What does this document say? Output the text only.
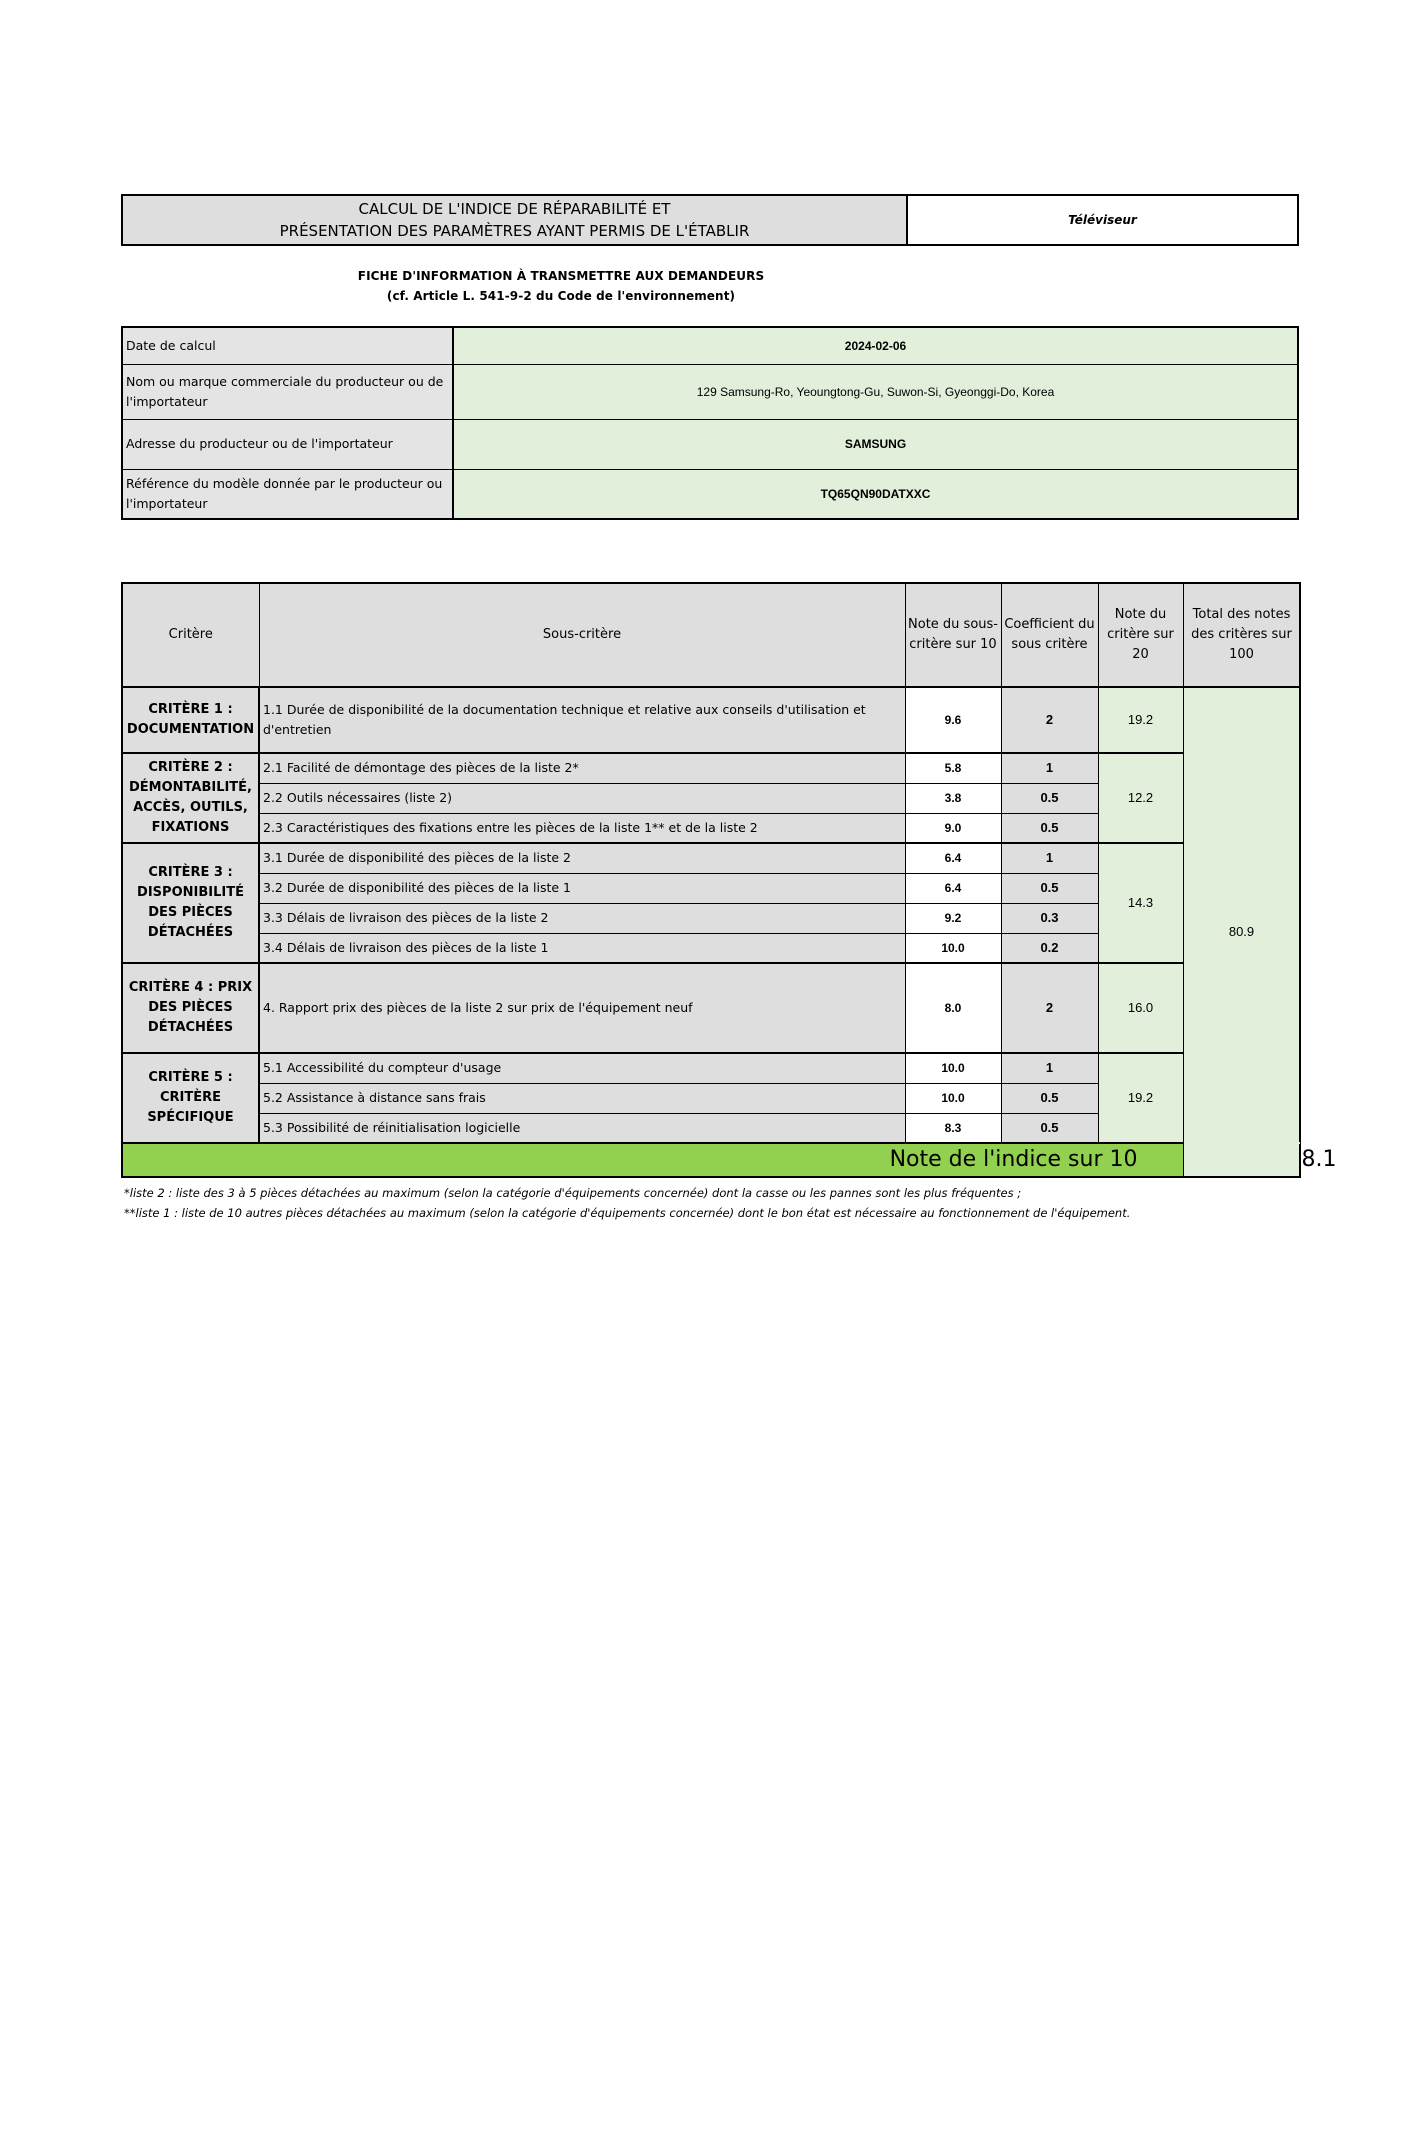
CALCUL DE L'INDICE DE RÉPARABILITÉ ET
PRÉSENTATION DES PARAMÈTRES AYANT PERMIS DE L'ÉTABLIR
Téléviseur
FICHE D'INFORMATION À TRANSMETTRE AUX DEMANDEURS
(cf. Article L. 541-9-2 du Code de l'environnement)
Date de calcul	2024-02-06
Nom ou marque commerciale du producteur ou de l'importateur	129 Samsung-Ro, Yeoungtong-Gu, Suwon-Si, Gyeonggi-Do, Korea
Adresse du producteur ou de l'importateur	SAMSUNG
Référence du modèle donnée par le producteur ou l'importateur	TQ65QN90DATXXC
Critère	Sous-critère	Note du sous-critère sur 10	Coefficient du sous critère	Note du critère sur 20	Total des notes des critères sur 100	
CRITÈRE 1 : DOCUMENTATION	1.1 Durée de disponibilité de la documentation technique et relative aux conseils d'utilisation et d'entretien	9.6	2	19.2	80.9	
CRITÈRE 2 : DÉMONTABILITÉ, ACCÈS, OUTILS, FIXATIONS	2.1 Facilité de démontage des pièces de la liste 2*	5.8	1	12.2		
	2.2 Outils nécessaires (liste 2)	3.8	0.5			
	2.3 Caractéristiques des fixations entre les pièces de la liste 1** et de la liste 2	9.0	0.5			
CRITÈRE 3 : DISPONIBILITÉ DES PIÈCES DÉTACHÉES	3.1 Durée de disponibilité des pièces de la liste 2	6.4	1	14.3		
	3.2 Durée de disponibilité des pièces de la liste 1	6.4	0.5			
	3.3 Délais de livraison des pièces de la liste 2	9.2	0.3			
	3.4 Délais de livraison des pièces de la liste 1	10.0	0.2			
CRITÈRE 4 : PRIX DES PIÈCES DÉTACHÉES	4. Rapport prix des pièces de la liste 2 sur prix de l'équipement neuf	8.0	2	16.0		
CRITÈRE 5 : CRITÈRE SPÉCIFIQUE	5.1 Accessibilité du compteur d'usage	10.0	1	19.2		
	5.2 Assistance à distance sans frais	10.0	0.5			
	5.3 Possibilité de réinitialisation logicielle	8.3	0.5			
Note de l'indice sur 10						8.1
*liste 2 : liste des 3 à 5 pièces détachées au maximum (selon la catégorie d'équipements concernée) dont la casse ou les pannes sont les plus fréquentes ;
**liste 1 : liste de 10 autres pièces détachées au maximum (selon la catégorie d'équipements concernée) dont le bon état est nécessaire au fonctionnement de l'équipement.
